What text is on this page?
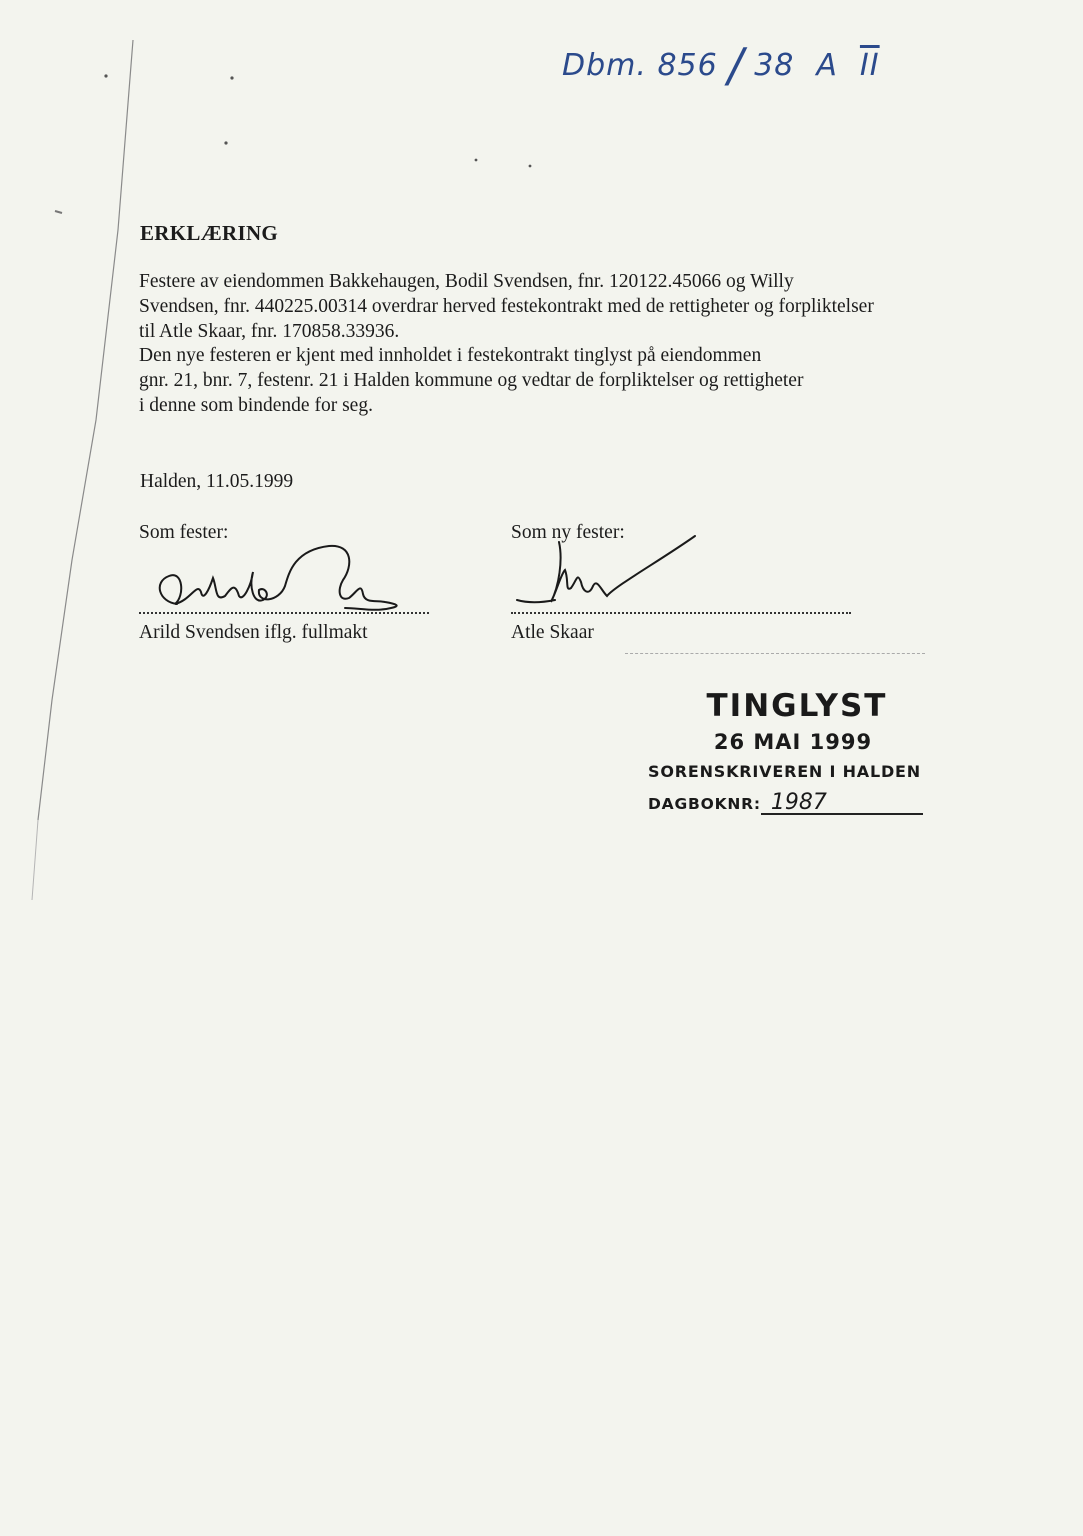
Dbm. 856 / 38 A $\overline{II}$
ERKLÆRING
Festere av eiendommen Bakkehaugen, Bodil Svendsen, fnr. 120122.45066 og Willy
Svendsen, fnr. 440225.00314 overdrar herved festekontrakt med de rettigheter og forpliktelser
til Atle Skaar, fnr. 170858.33936.
Den nye festeren er kjent med innholdet i festekontrakt tinglyst på eiendommen
gnr. 21, bnr. 7, festenr. 21 i Halden kommune og vedtar de forpliktelser og rettigheter
i denne som bindende for seg.
Halden, 11.05.1999
Som fester:
Arild Svendsen iflg. fullmakt
Som ny fester:
Atle Skaar
TINGLYST
26 MAI 1999
SORENSKRIVEREN I HALDEN
DAGBOKNR: 1987
